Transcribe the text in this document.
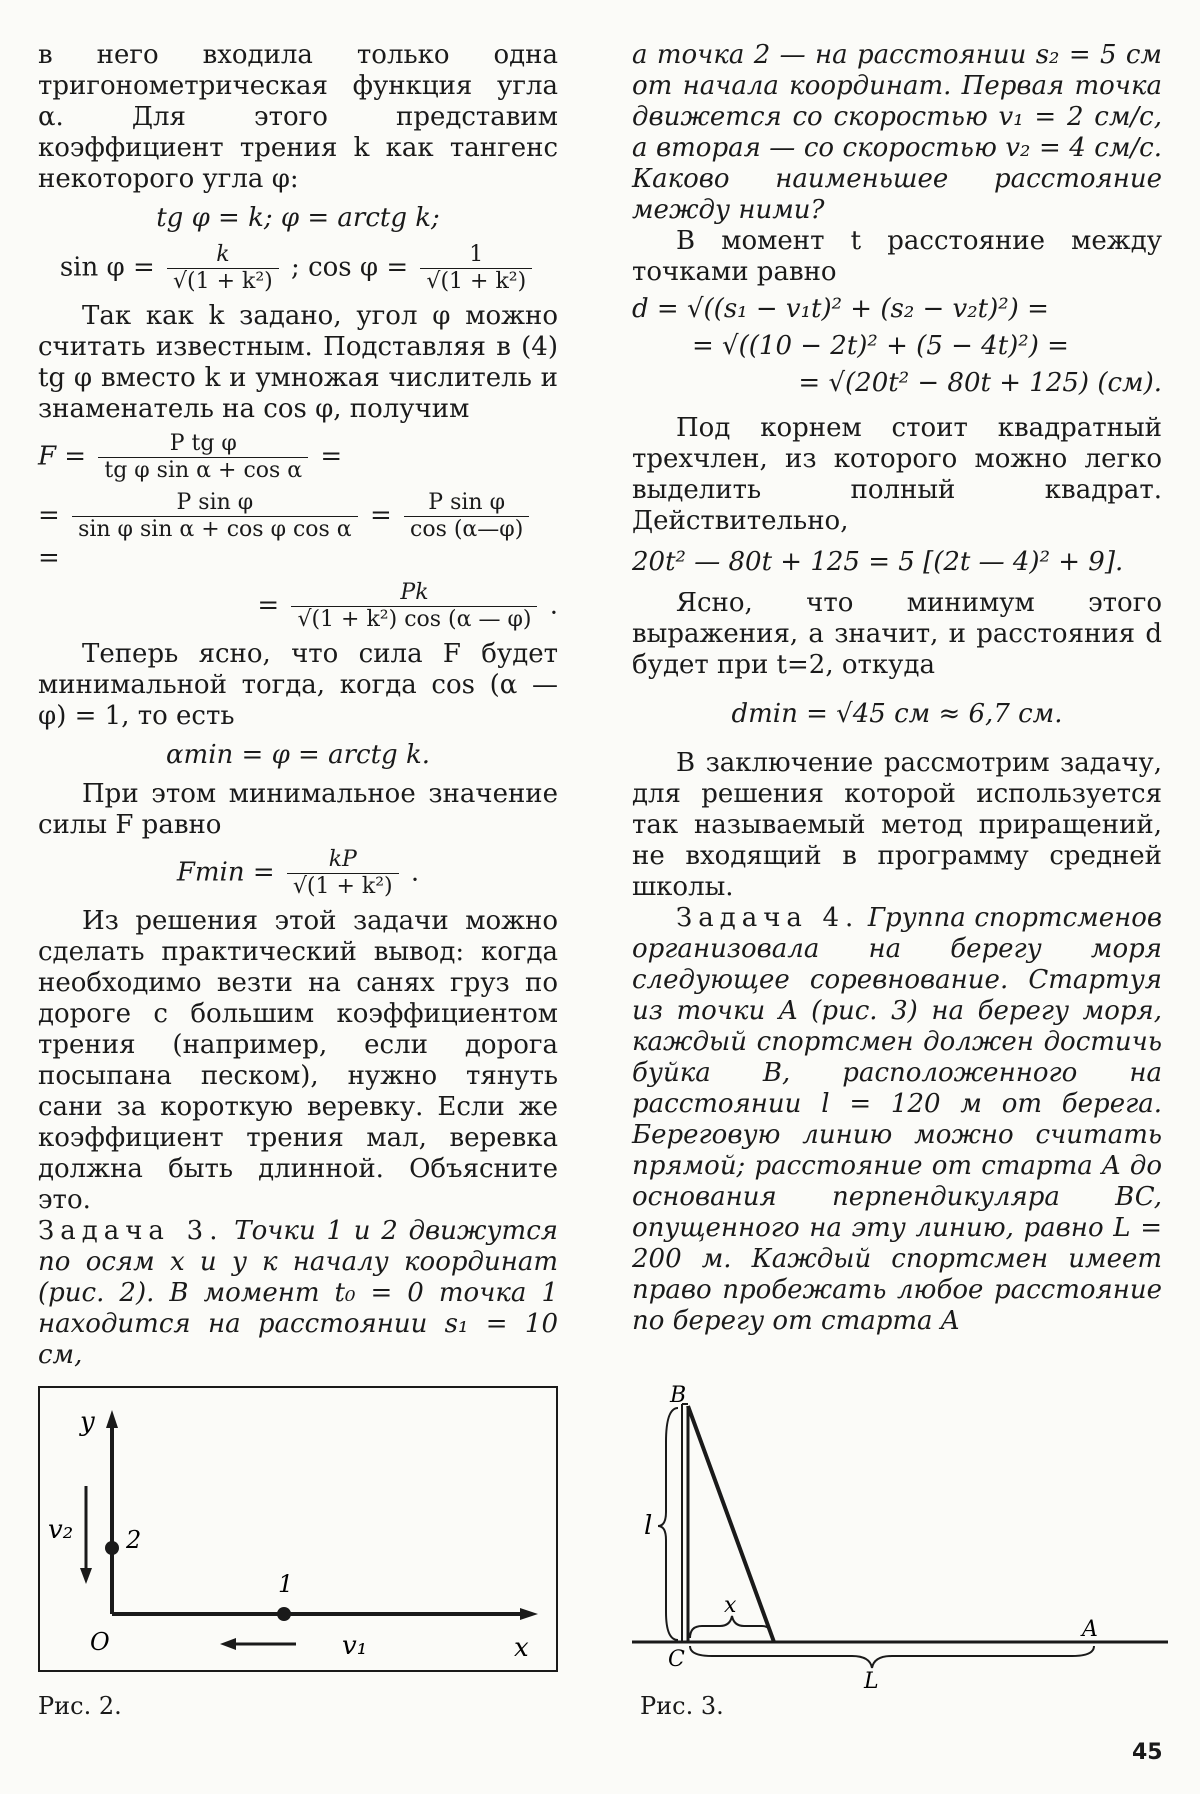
в него входила только одна тригонометрическая функция угла α. Для этого представим коэффициент трения k как тангенс некоторого угла φ:

tg φ = k; φ = arctg k;
$\sin \varphi = \frac{k}{\text{√(1 + k²)}}$ ; $\cos \varphi = \frac{1}{\text{√(1 + k²)}}$

Так как k задано, угол φ можно считать известным. Подставляя в (4) tg φ вместо k и умножая числитель и знаменатель на cos φ, получим

$F = \frac{\text{P tg φ}}{\text{tg φ sin α + cos α}}$ =
= $\frac{\text{P sin φ}}{\text{sin φ sin α + cos φ cos α}} = \frac{\text{P sin φ}}{\cos (\alpha—\varphi)}$
=
= $\frac{Pk}{\text{√(1 + k²) cos (α — φ)}}$ .

Теперь ясно, что сила F будет минимальной тогда, когда cos (α — φ) = 1, то есть

αmin = φ = arctg k.

При этом минимальное значение силы F равно

$Fmin = \frac{kP}{\text{√(1 + k²)}}$ .

Из решения этой задачи можно сделать практический вывод: когда необходимо везти на санях груз по дороге с большим коэффициентом трения (например, если дорога посыпана песком), нужно тянуть сани за короткую веревку. Если же коэффициент трения мал, веревка должна быть длинной. Объясните это.

Задача 3. Точки 1 и 2 движутся по осям x и y к началу координат (рис. 2). В момент t₀ = 0 точка 1 находится на расстоянии s₁ = 10 см,

а точка 2 — на расстоянии s₂ = 5 см от начала координат. Первая точка движется со скоростью v₁ = 2 см/с, а вторая — со скоростью v₂ = 4 см/с. Каково наименьшее расстояние между ними?

В момент t расстояние между точками равно

d = √((s₁ − v₁t)² + (s₂ − v₂t)²) =
= √((10 − 2t)² + (5 − 4t)²) =
= √(20t² − 80t + 125) (см).

Под корнем стоит квадратный трехчлен, из которого можно легко выделить полный квадрат. Действительно,

20t² — 80t + 125 = 5 [(2t — 4)² + 9].

Ясно, что минимум этого выражения, а значит, и расстояния d будет при t=2, откуда

dmin = √45 см ≈ 6,7 см.

В заключение рассмотрим задачу, для решения которой используется так называемый метод приращений, не входящий в программу средней школы.

Задача 4. Группа спортсменов организовала на берегу моря следующее соревнование. Стартуя из точки A (рис. 3) на берегу моря, каждый спортсмен должен достичь буйка B, расположенного на расстоянии l = 120 м от берега. Береговую линию можно считать прямой; расстояние от старта A до основания перпендикуляра BC, опущенного на эту линию, равно L = 200 м. Каждый спортсмен имеет право пробежать любое расстояние по берегу от старта A

y
x
O
v₂
v₁
2
1
Рис. 2.
B
C
A
l
x
L
Рис. 3.
45
